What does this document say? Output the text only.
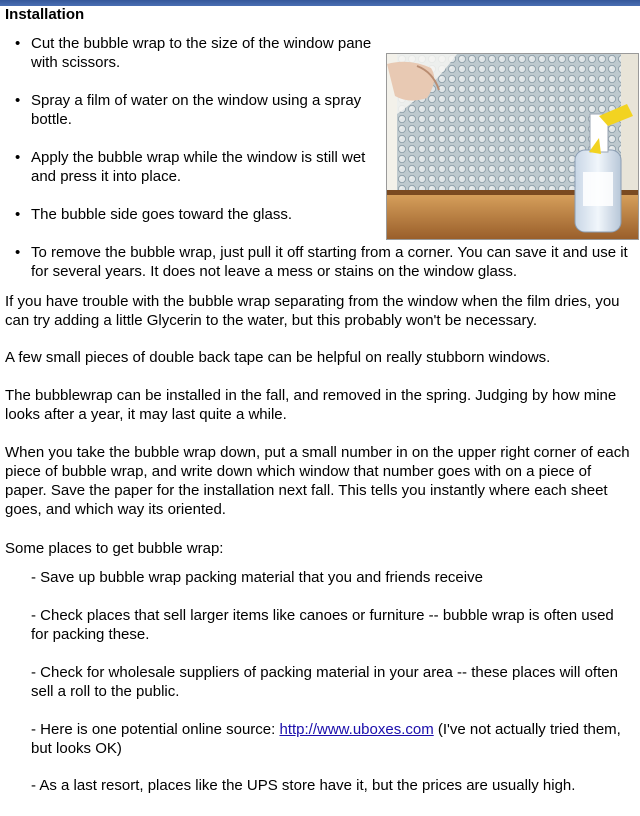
Installation
• Cut the bubble wrap to the size of the window pane with scissors.
• Spray a film of water on the window using a spray bottle.
• Apply the bubble wrap while the window is still wet and press it into place.
• The bubble side goes toward the glass.
• To remove the bubble wrap, just pull it off starting from a corner. You can save it and use it for several years. It does not leave a mess or stains on the window glass.

If you have trouble with the bubble wrap separating from the window when the film dries, you can try adding a little Glycerin to the water, but this probably won't be necessary.

A few small pieces of double back tape can be helpful on really stubborn windows.

The bubblewrap can be installed in the fall, and removed in the spring. Judging by how mine looks after a year, it may last quite a while.

When you take the bubble wrap down, put a small number in on the upper right corner of each piece of bubble wrap, and write down which window that number goes with on a piece of paper. Save the paper for the installation next fall. This tells you instantly where each sheet goes, and which way its oriented.

Some places to get bubble wrap:

- Save up bubble wrap packing material that you and friends receive

- Check places that sell larger items like canoes or furniture -- bubble wrap is often used for packing these.

- Check for wholesale suppliers of packing material in your area -- these places will often sell a roll to the public.

- Here is one potential online source: http://www.uboxes.com (I've not actually tried them, but looks OK)

- As a last resort, places like the UPS store have it, but the prices are usually high.
